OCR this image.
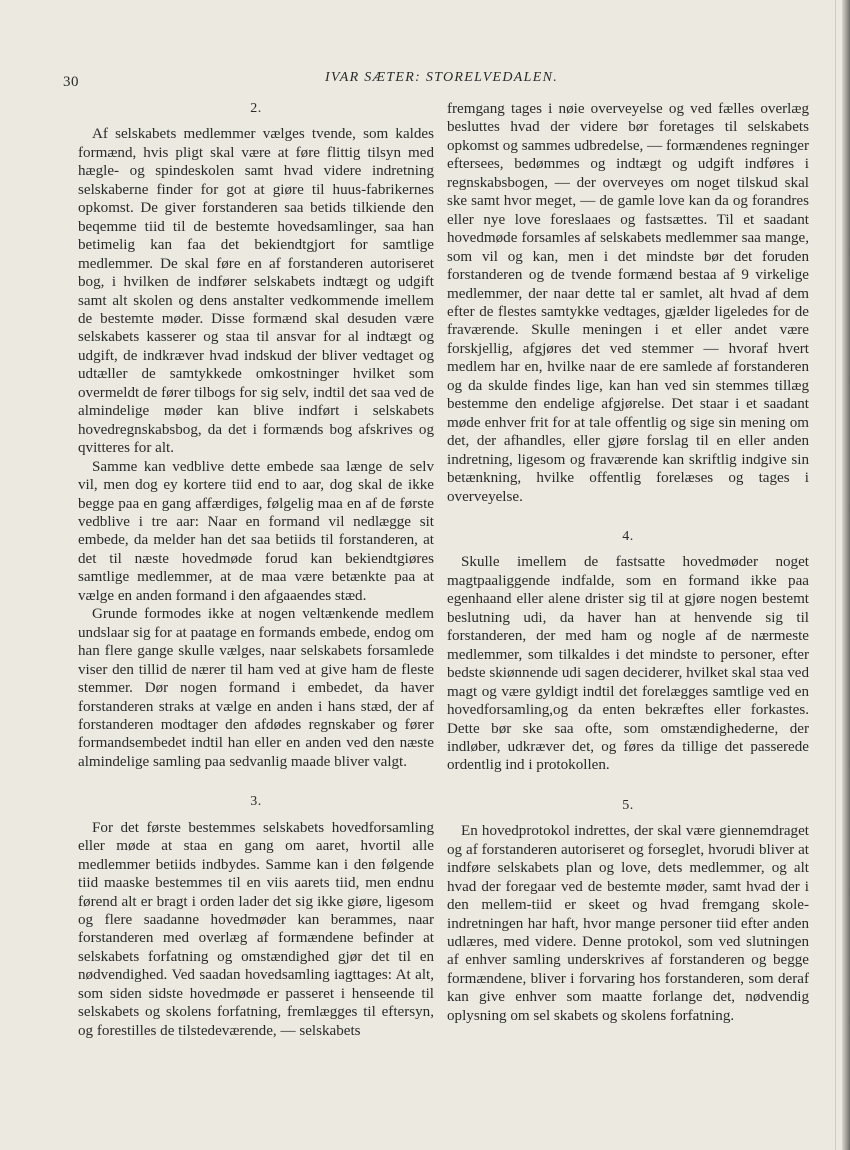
30	IVAR SÆTER: STORELVEDALEN.
2.

Af selskabets medlemmer vælges tvende, som kaldes formænd, hvis pligt skal være at føre flittig tilsyn med hægle- og spindeskolen samt hvad videre indretning selskaberne finder for got at giøre til huus-fabrikernes opkomst. De giver forstanderen saa betids tilkiende den beqemme tiid til de bestemte hovedsamlinger, saa han betimelig kan faa det bekiendtgjort for samtlige medlemmer. De skal føre en af forstanderen autoriseret bog, i hvilken de indfører selskabets indtægt og udgift samt alt skolen og dens anstalter vedkommende imellem de bestemte møder. Disse formænd skal desuden være selskabets kasserer og staa til ansvar for al indtægt og udgift, de indkræver hvad indskud der bliver vedtaget og udtæller de samtykkede omkostninger hvilket som overmeldt de fører tilbogs for sig selv, indtil det saa ved de almindelige møder kan blive indført i selskabets hovedregnskabsbog, da det i formænds bog afskrives og qvitteres for alt.

Samme kan vedblive dette embede saa længe de selv vil, men dog ey kortere tiid end to aar, dog skal de ikke begge paa en gang affærdiges, følgelig maa en af de første vedblive i tre aar: Naar en formand vil nedlægge sit embede, da melder han det saa betiids til forstanderen, at det til næste hovedmøde forud kan bekiendtgiøres samtlige medlemmer, at de maa være betænkte paa at vælge en anden formand i den afgaaendes stæd.

Grunde formodes ikke at nogen veltænkende medlem undslaar sig for at paatage en formands embede, endog om han flere gange skulle vælges, naar selskabets forsamlede viser den tillid de nærer til ham ved at give ham de fleste stemmer. Dør nogen formand i embedet, da haver forstanderen straks at vælge en anden i hans stæd, der af forstanderen modtager den afdødes regnskaber og fører formandsembedet indtil han eller en anden ved den næste almindelige samling paa sedvanlig maade bliver valgt.

3.

For det første bestemmes selskabets hovedforsamling eller møde at staa en gang om aaret, hvortil alle medlemmer betiids indbydes. Samme kan i den følgende tiid maaske bestemmes til en viis aarets tiid, men endnu førend alt er bragt i orden lader det sig ikke giøre, ligesom og flere saadanne hovedmøder kan berammes, naar forstanderen med overlæg af formændene befinder at selskabets forfatning og omstændighed gjør det til en nødvendighed. Ved saadan hovedsamling iagttages: At alt, som siden sidste hovedmøde er passeret i henseende til selskabets og skolens forfatning, fremlægges til eftersyn, og forestilles de tilstedeværende, — selskabets

fremgang tages i nøie overveyelse og ved fælles overlæg besluttes hvad der videre bør foretages til selskabets opkomst og sammes udbredelse, — formændenes regninger eftersees, bedømmes og indtægt og udgift indføres i regnskabsbogen, — der overveyes om noget tilskud skal ske samt hvor meget, — de gamle love kan da og forandres eller nye love foreslaaes og fastsættes. Til et saadant hovedmøde forsamles af selskabets medlemmer saa mange, som vil og kan, men i det mindste bør det foruden forstanderen og de tvende formænd bestaa af 9 virkelige medlemmer, der naar dette tal er samlet, alt hvad af dem efter de flestes samtykke vedtages, gjælder ligeledes for de fraværende. Skulle meningen i et eller andet være forskjellig, afgjøres det ved stemmer — hvoraf hvert medlem har en, hvilke naar de ere samlede af forstanderen og da skulde findes lige, kan han ved sin stemmes tillæg bestemme den endelige afgjørelse. Det staar i et saadant møde enhver frit for at tale offentlig og sige sin mening om det, der afhandles, eller gjøre forslag til en eller anden indretning, ligesom og fraværende kan skriftlig indgive sin betænkning, hvilke offentlig forelæses og tages i overveyelse.

4.

Skulle imellem de fastsatte hovedmøder noget magtpaaliggende indfalde, som en formand ikke paa egenhaand eller alene drister sig til at gjøre nogen bestemt beslutning udi, da haver han at henvende sig til forstanderen, der med ham og nogle af de nærmeste medlemmer, som tilkaldes i det mindste to personer, efter bedste skiønnende udi sagen deciderer, hvilket skal staa ved magt og være gyldigt indtil det forelægges samtlige ved en hovedforsamling,og da enten bekræftes eller forkastes. Dette bør ske saa ofte, som omstændighederne, der indløber, udkræver det, og føres da tillige det passerede ordentlig ind i protokollen.

5.

En hovedprotokol indrettes, der skal være giennemdraget og af forstanderen autoriseret og forseglet, hvorudi bliver at indføre selskabets plan og love, dets medlemmer, og alt hvad der foregaar ved de bestemte møder, samt hvad der i den mellem-tiid er skeet og hvad fremgang skole-indretningen har haft, hvor mange personer tiid efter anden udlæres, med videre. Denne protokol, som ved slutningen af enhver samling underskrives af forstanderen og begge formændene, bliver i forvaring hos forstanderen, som deraf kan give enhver som maatte forlange det, nødvendig oplysning om sel skabets og skolens forfatning.
